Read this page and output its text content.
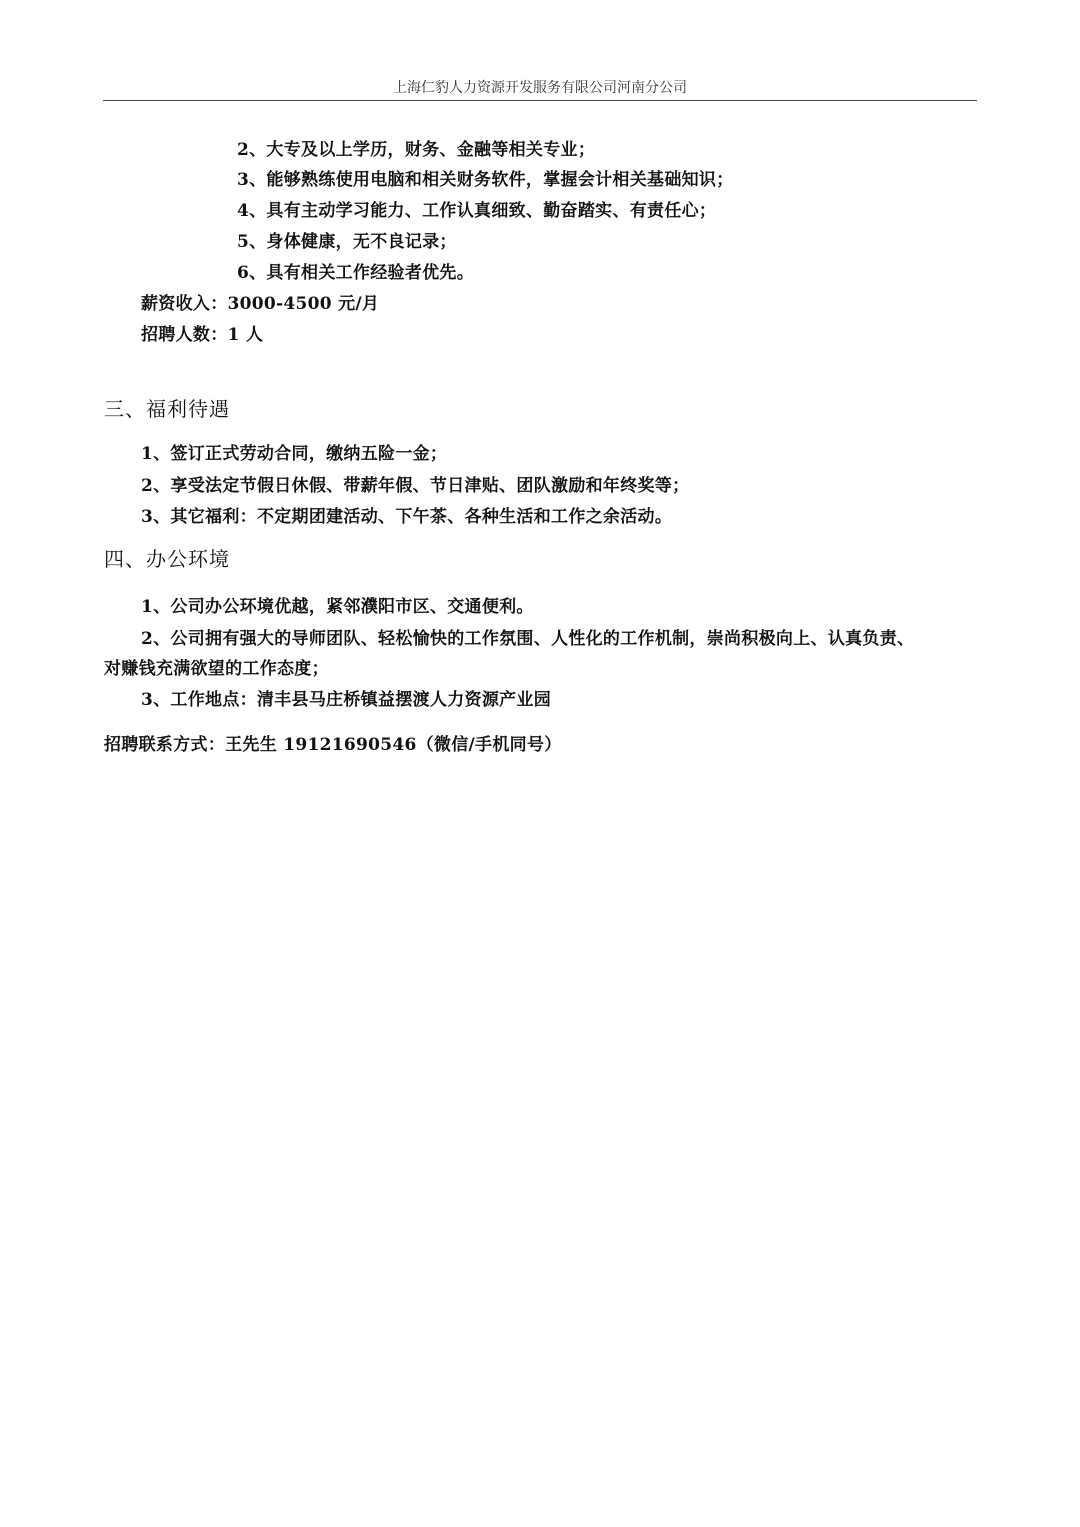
上海仁豹人力资源开发服务有限公司河南分公司
2、大专及以上学历，财务、金融等相关专业；
3、能够熟练使用电脑和相关财务软件，掌握会计相关基础知识；
4、具有主动学习能力、工作认真细致、勤奋踏实、有责任心；
5、身体健康，无不良记录；
6、具有相关工作经验者优先。
薪资收入：3000-4500 元/月
招聘人数：1 人
三、福利待遇
1、签订正式劳动合同，缴纳五险一金；
2、享受法定节假日休假、带薪年假、节日津贴、团队激励和年终奖等；
3、其它福利：不定期团建活动、下午茶、各种生活和工作之余活动。
四、办公环境
1、公司办公环境优越，紧邻濮阳市区、交通便利。
2、公司拥有强大的导师团队、轻松愉快的工作氛围、人性化的工作机制，崇尚积极向上、认真负责、
对赚钱充满欲望的工作态度；
3、工作地点：清丰县马庄桥镇益摆渡人力资源产业园
招聘联系方式：王先生 19121690546（微信/手机同号）
